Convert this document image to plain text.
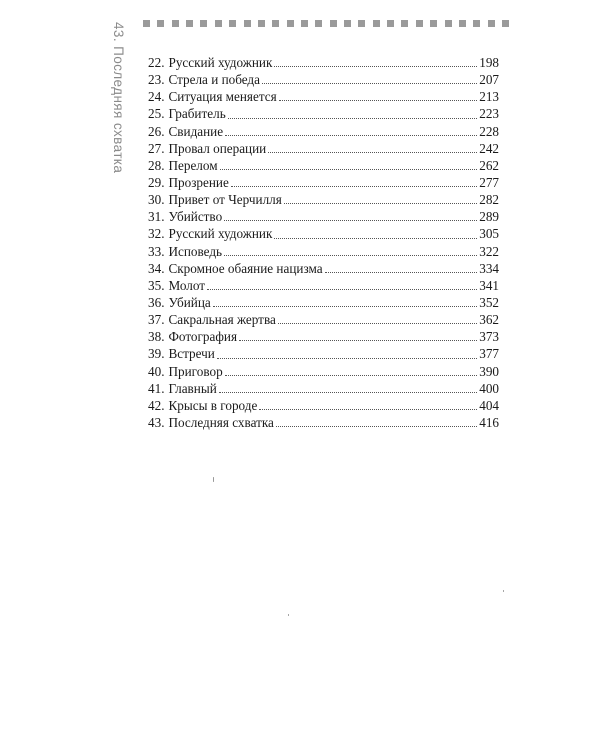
43. Последняя схватка 22. Русский художник	198
23. Стрела и победа	207
24. Ситуация меняется	213
25. Грабитель	223
26. Свидание	228
27. Провал операции	242
28. Перелом	262
29. Прозрение	277
30. Привет от Черчилля	282
31. Убийство	289
32. Русский художник	305
33. Исповедь	322
34. Скромное обаяние нацизма	334
35. Молот	341
36. Убийца	352
37. Сакральная жертва	362
38. Фотография	373
39. Встречи	377
40. Приговор	390
41. Главный	400
42. Крысы в городе	404
43. Последняя схватка	416
